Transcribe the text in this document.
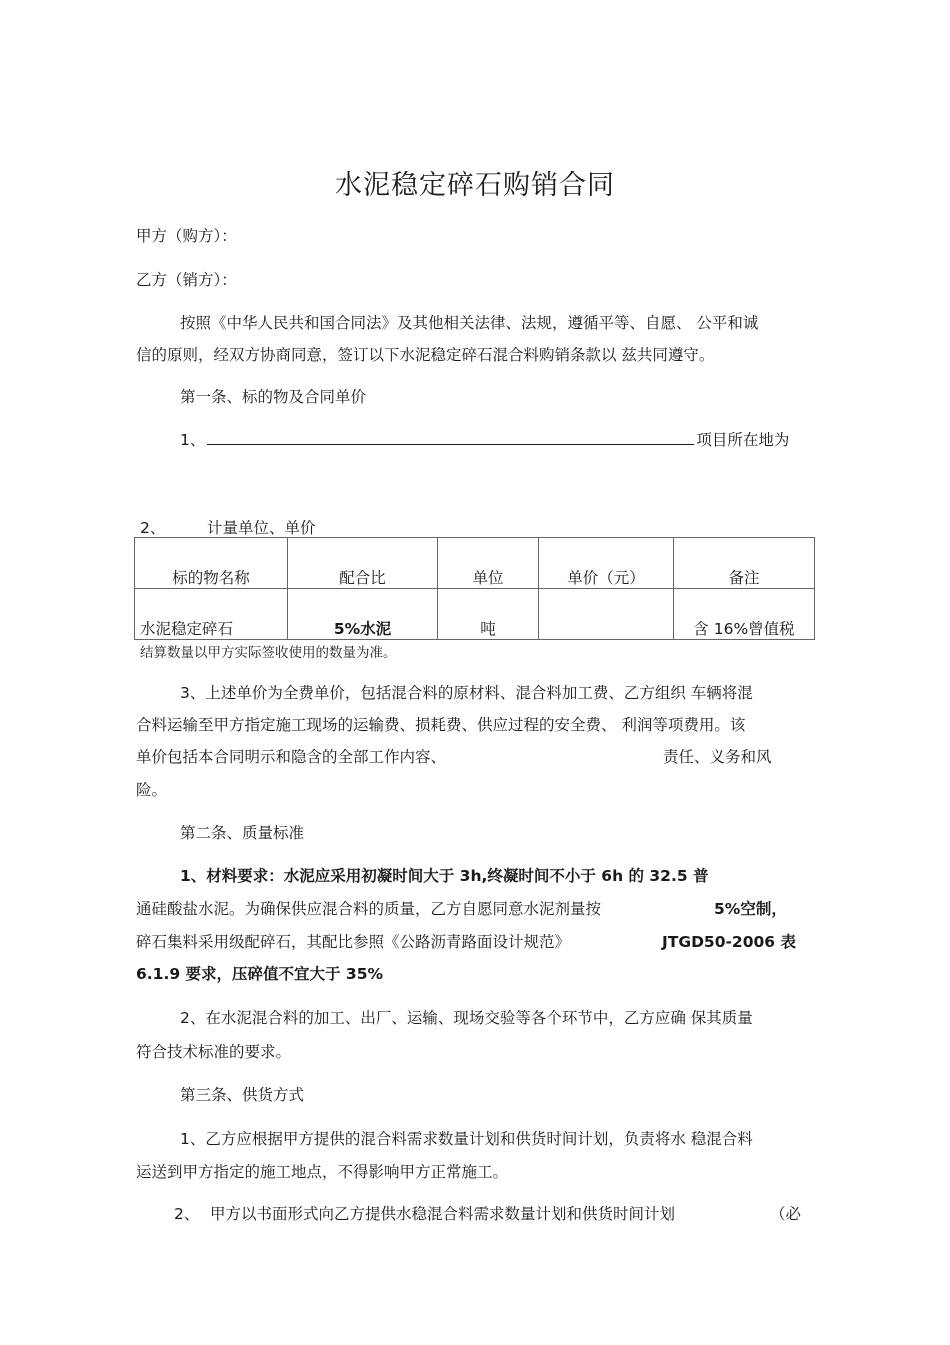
水泥稳定碎石购销合同
甲方（购方）：
乙方（销方）：
按照《中华人民共和国合同法》及其他相关法律、法规，遵循平等、自愿、 公平和诚
信的原则，经双方协商同意，签订以下水泥稳定碎石混合料购销条款以 兹共同遵守。
第一条、标的物及合同单价
1、	项目所在地为
2、	计量单位、单价
标的物名称	配合比	单位	单价（元）	备注
水泥稳定碎石	5%水泥	吨		含 16%曾值税
结算数量以甲方实际签收使用的数量为准。
3、上述单价为全费单价，包括混合料的原材料、混合料加工费、乙方组织 车辆将混
合料运输至甲方指定施工现场的运输费、损耗费、供应过程的安全费、 利润等项费用。该
单价包括本合同明示和隐含的全部工作内容、	责任、义务和风
险。
第二条、质量标准
1、材料要求：水泥应采用初凝时间大于 3h,终凝时间不小于 6h 的 32.5 普
通硅酸盐水泥。为确保供应混合料的质量，乙方自愿同意水泥剂量按	5%空制，
碎石集料采用级配碎石，其配比参照《公路沥青路面设计规范》	JTGD50-2006 表
6.1.9 要求，压碎值不宜大于 35%
2、在水泥混合料的加工、出厂、运输、现场交验等各个环节中，乙方应确 保其质量
符合技术标准的要求。
第三条、供货方式
1、乙方应根据甲方提供的混合料需求数量计划和供货时间计划，负责将水 稳混合料
运送到甲方指定的施工地点，不得影响甲方正常施工。
2、 甲方以书面形式向乙方提供水稳混合料需求数量计划和供货时间计划	（必
